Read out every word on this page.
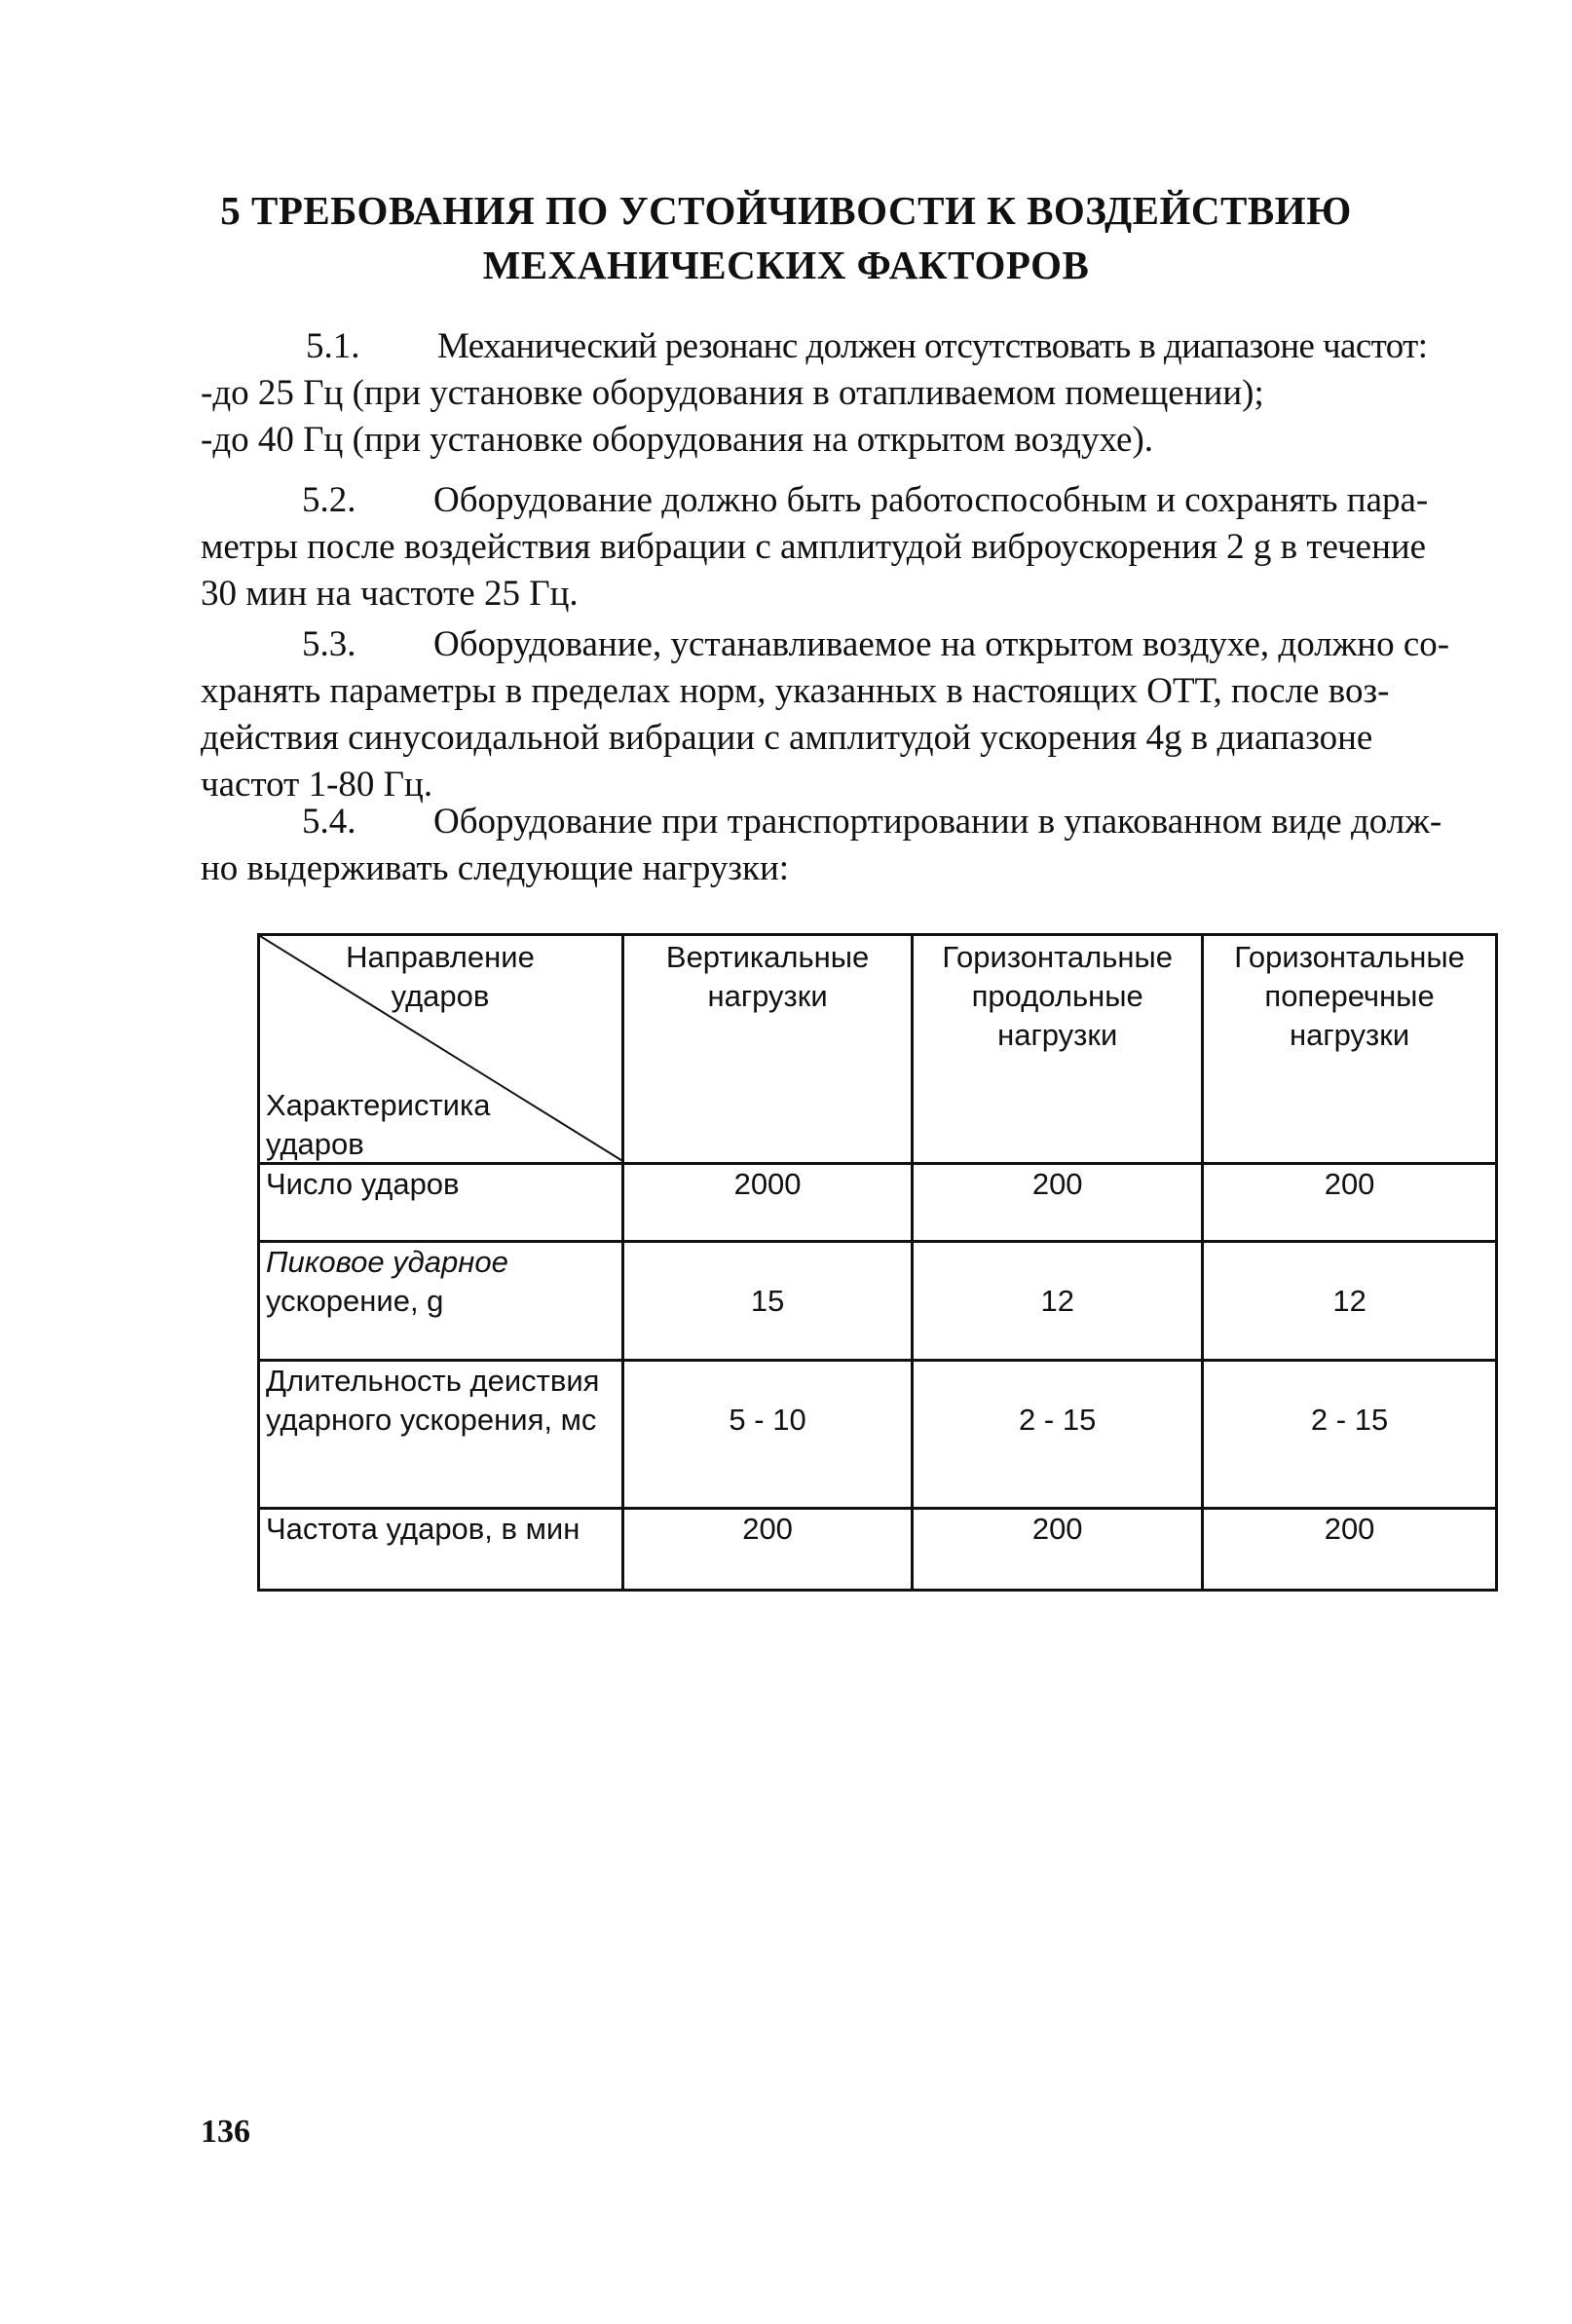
5 ТРЕБОВАНИЯ ПО УСТОЙЧИВОСТИ К ВОЗДЕЙСТВИЮ
МЕХАНИЧЕСКИХ ФАКТОРОВ
5.1. Механический резонанс должен отсутствовать в диапазоне частот:
-до 25 Гц (при установке оборудования в отапливаемом помещении);
-до 40 Гц (при установке оборудования на открытом воздухе).
5.2. Оборудование должно быть работоспособным и сохранять пара-
метры после воздействия вибрации с амплитудой виброускорения 2 g в течение
30 мин на частоте 25 Гц.
5.3. Оборудование, устанавливаемое на открытом воздухе, должно со-
хранять параметры в пределах норм, указанных в настоящих ОТТ, после воз-
действия синусоидальной вибрации с амплитудой ускорения 4g в диапазоне
частот 1-80 Гц.
5.4. Оборудование при транспортировании в упакованном виде долж-
но выдерживать следующие нагрузки:
Направление ударов
Характеристика
ударов	Вертикальные нагрузки	Горизонтальные продольные нагрузки	Горизонтальные поперечные нагрузки
Число ударов	2000	200	200

Пиковое ударное
ускорение, g	15	12	12
Длительность деиствия ударного ускорения, мс	5 - 10	2 - 15	2 - 15
Частота ударов, в мин	200	200	200
136
